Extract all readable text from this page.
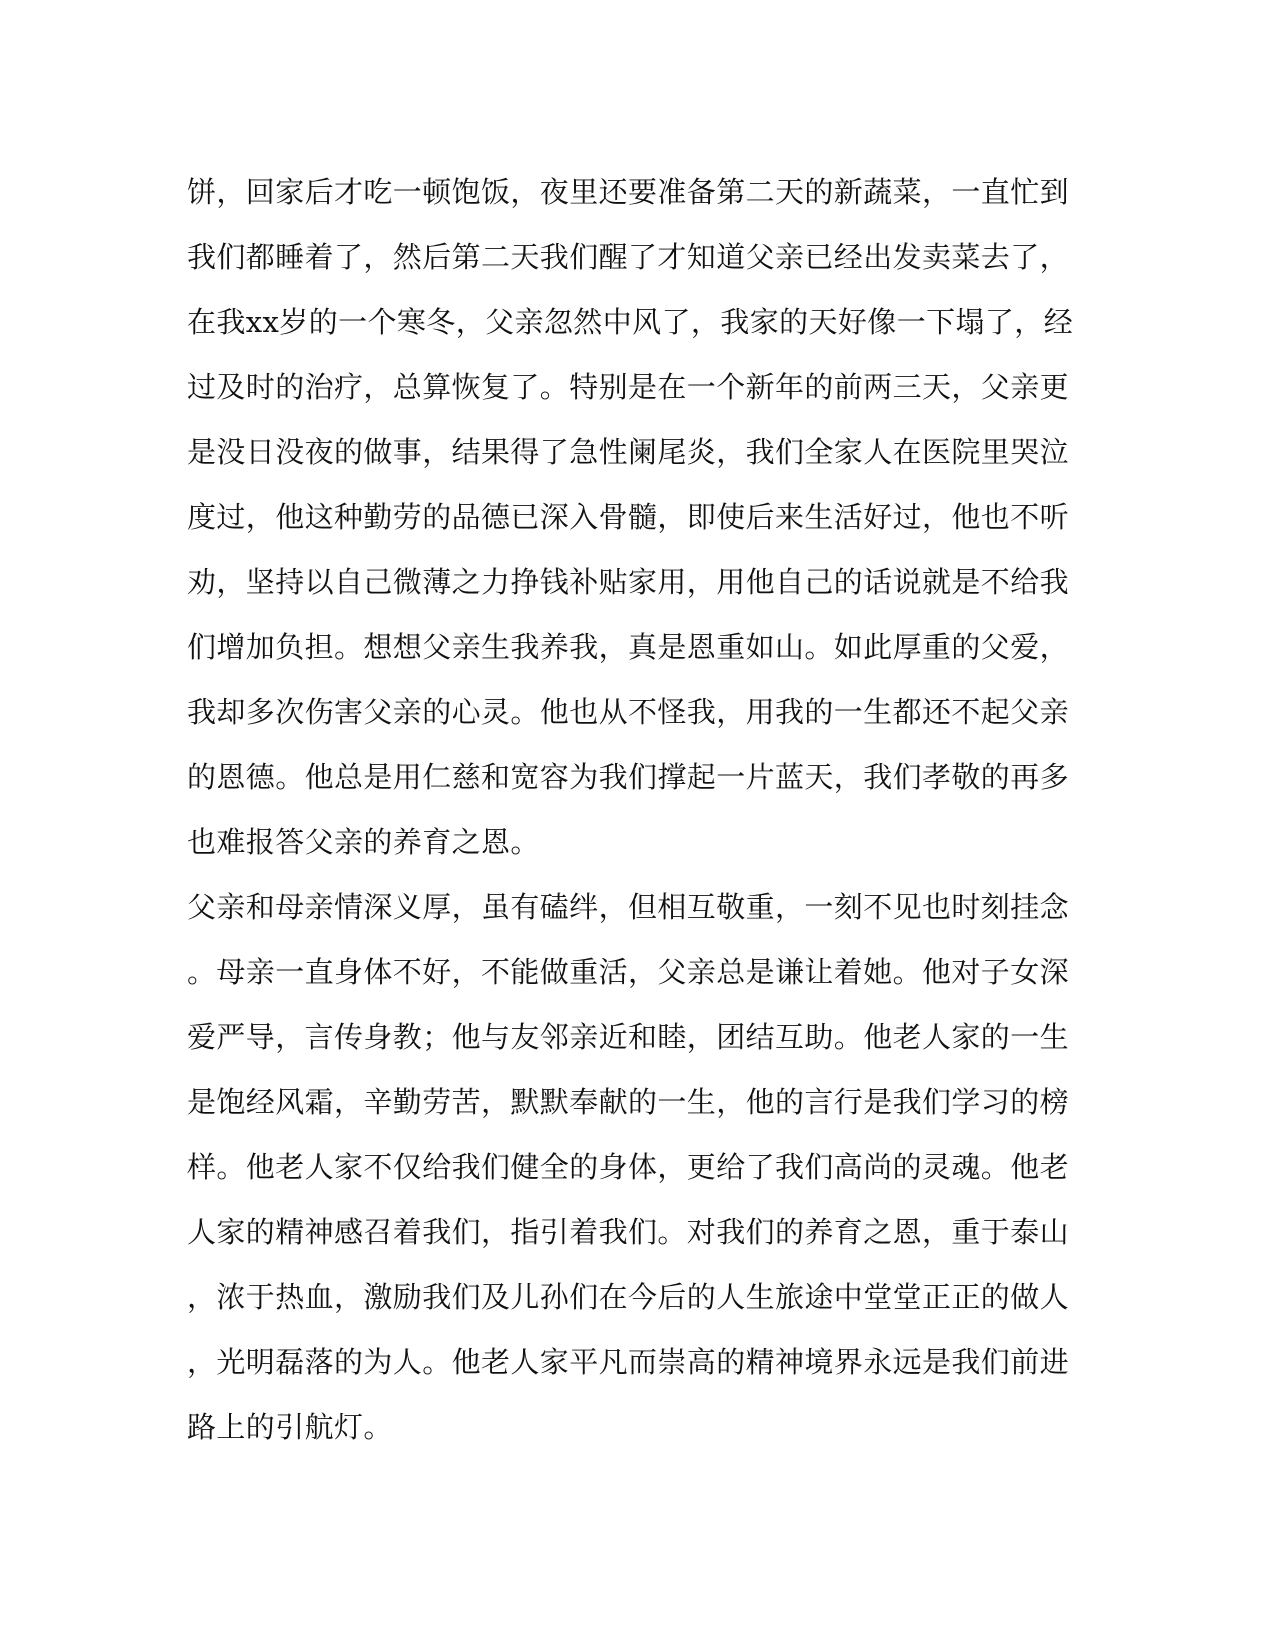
饼，回家后才吃一顿饱饭，夜里还要准备第二天的新蔬菜，一直忙到
我们都睡着了，然后第二天我们醒了才知道父亲已经出发卖菜去了，
在我xx岁的一个寒冬，父亲忽然中风了，我家的天好像一下塌了，经
过及时的治疗，总算恢复了。特别是在一个新年的前两三天，父亲更
是没日没夜的做事，结果得了急性阑尾炎，我们全家人在医院里哭泣
度过，他这种勤劳的品德已深入骨髓，即使后来生活好过，他也不听
劝，坚持以自己微薄之力挣钱补贴家用，用他自己的话说就是不给我
们增加负担。想想父亲生我养我，真是恩重如山。如此厚重的父爱，
我却多次伤害父亲的心灵。他也从不怪我，用我的一生都还不起父亲
的恩德。他总是用仁慈和宽容为我们撑起一片蓝天，我们孝敬的再多
也难报答父亲的养育之恩。
父亲和母亲情深义厚，虽有磕绊，但相互敬重，一刻不见也时刻挂念
。母亲一直身体不好，不能做重活，父亲总是谦让着她。他对子女深
爱严导，言传身教；他与友邻亲近和睦，团结互助。他老人家的一生
是饱经风霜，辛勤劳苦，默默奉献的一生，他的言行是我们学习的榜
样。他老人家不仅给我们健全的身体，更给了我们高尚的灵魂。他老
人家的精神感召着我们，指引着我们。对我们的养育之恩，重于泰山
，浓于热血，激励我们及儿孙们在今后的人生旅途中堂堂正正的做人
，光明磊落的为人。他老人家平凡而崇高的精神境界永远是我们前进
路上的引航灯。
